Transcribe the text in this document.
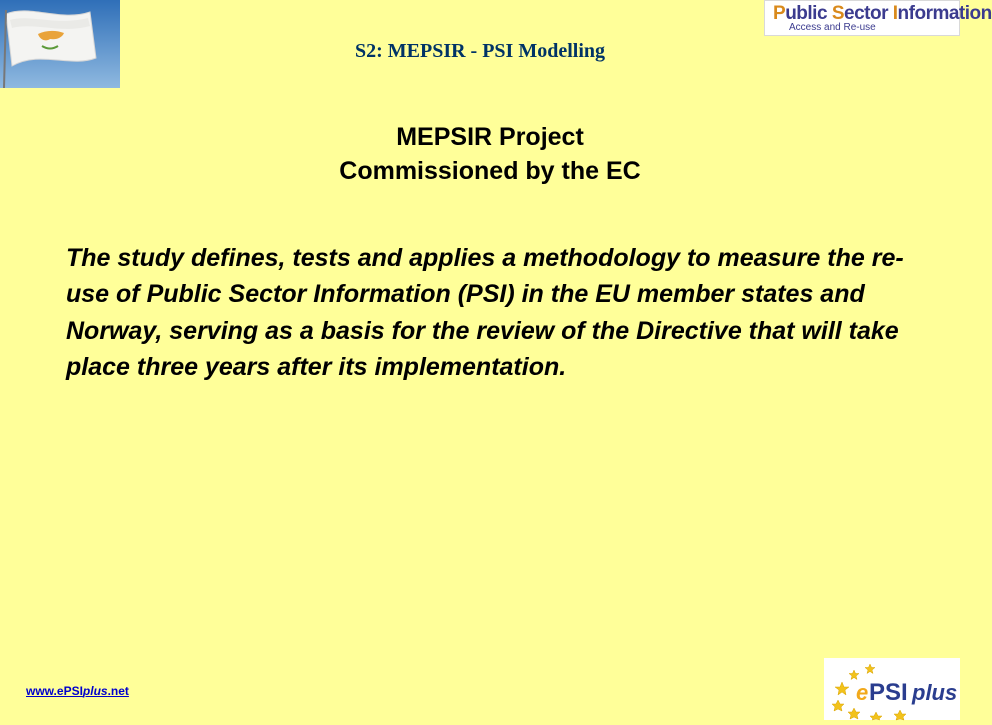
Public Sector Information
Access and Re-use
S2: MEPSIR - PSI Modelling
MEPSIR Project
Commissioned by the EC
The study defines, tests and applies a methodology to measure the re-use of Public Sector Information (PSI) in the EU member states and Norway, serving as a basis for the review of the Directive that will take place three years after its implementation.
www.ePSIplus.net	e PSI plus
